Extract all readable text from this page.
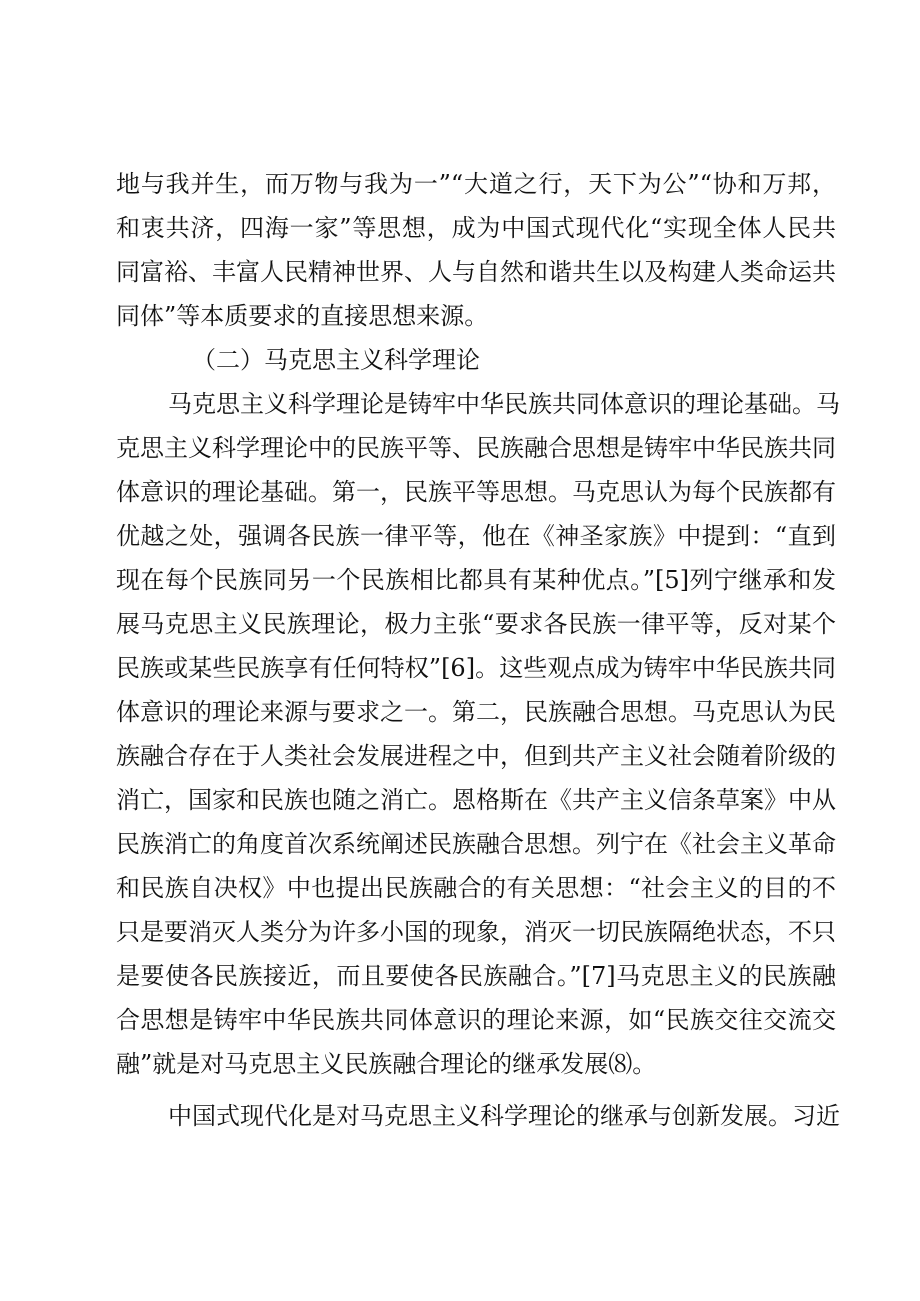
地与我并生，而万物与我为一”“大道之行，天下为公”“协和万邦，
和衷共济，四海一家”等思想，成为中国式现代化“实现全体人民共
同富裕、丰富人民精神世界、人与自然和谐共生以及构建人类命运共
同体”等本质要求的直接思想来源。
（二）马克思主义科学理论
马克思主义科学理论是铸牢中华民族共同体意识的理论基础。马
克思主义科学理论中的民族平等、民族融合思想是铸牢中华民族共同
体意识的理论基础。第一，民族平等思想。马克思认为每个民族都有
优越之处，强调各民族一律平等，他在《神圣家族》中提到：“直到
现在每个民族同另一个民族相比都具有某种优点。”[5]列宁继承和发
展马克思主义民族理论，极力主张“要求各民族一律平等，反对某个
民族或某些民族享有任何特权”[6]。这些观点成为铸牢中华民族共同
体意识的理论来源与要求之一。第二，民族融合思想。马克思认为民
族融合存在于人类社会发展进程之中，但到共产主义社会随着阶级的
消亡，国家和民族也随之消亡。恩格斯在《共产主义信条草案》中从
民族消亡的角度首次系统阐述民族融合思想。列宁在《社会主义革命
和民族自决权》中也提出民族融合的有关思想：“社会主义的目的不
只是要消灭人类分为许多小国的现象，消灭一切民族隔绝状态，不只
是要使各民族接近，而且要使各民族融合。”[7]马克思主义的民族融
合思想是铸牢中华民族共同体意识的理论来源，如“民族交往交流交
融”就是对马克思主义民族融合理论的继承发展⑻。
中国式现代化是对马克思主义科学理论的继承与创新发展。习近
